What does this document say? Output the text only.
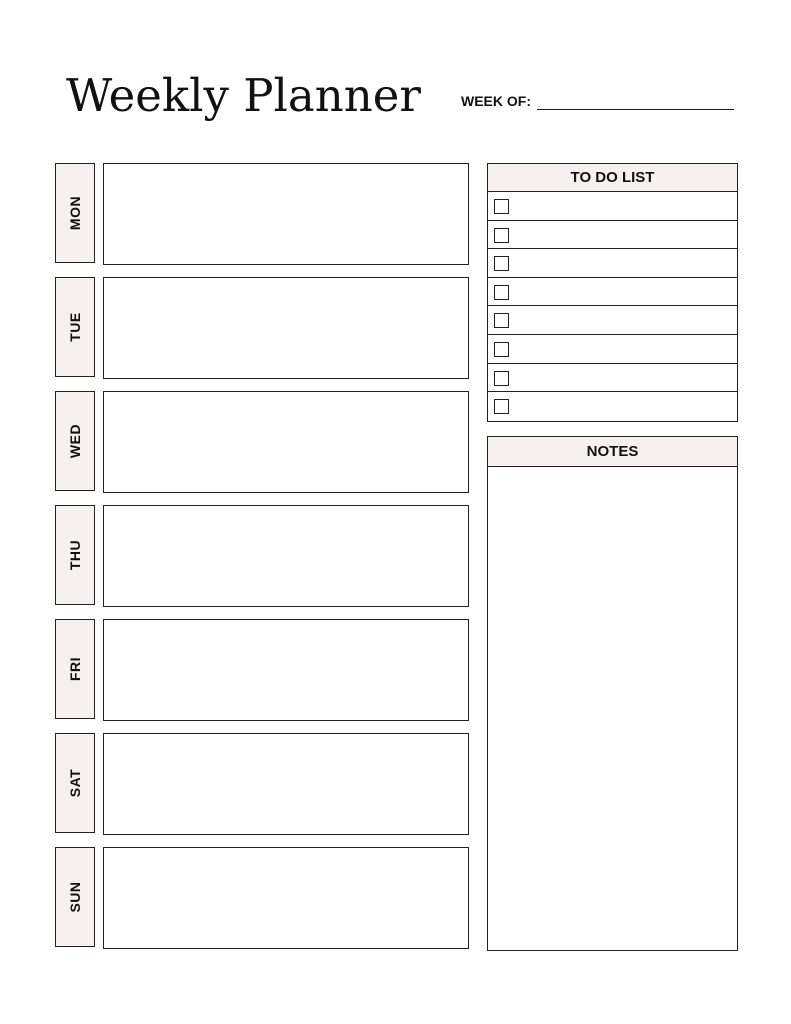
Weekly Planner	WEEK OF:
MON
TUE
WED
THU
FRI
SAT
SUN
TO DO LIST
NOTES
